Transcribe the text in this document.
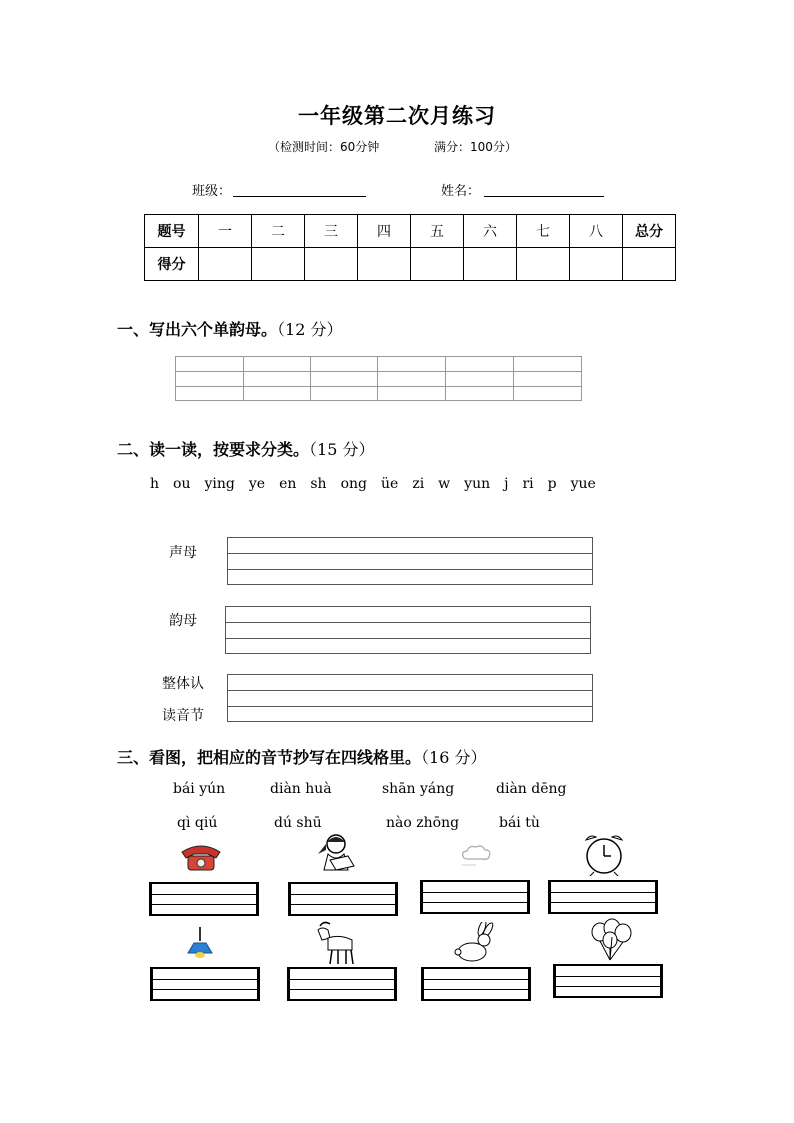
一年级第二次月练习
（检测时间：60分钟	满分：100分）
班级：	姓名：
题号	一	二	三	四	五	六	七	八	总分
得分									
一、写出六个单韵母。（12 分）
二、读一读，按要求分类。（15 分）
h ou ying ye en sh ong üe zi w yun j ri p yue
声母
韵母
整体认
读音节
三、看图，把相应的音节抄写在四线格里。（16 分）
bái yún	diàn huà	shān yáng	diàn dēng
qì qiú	dú shū	nào zhōng	bái tù
